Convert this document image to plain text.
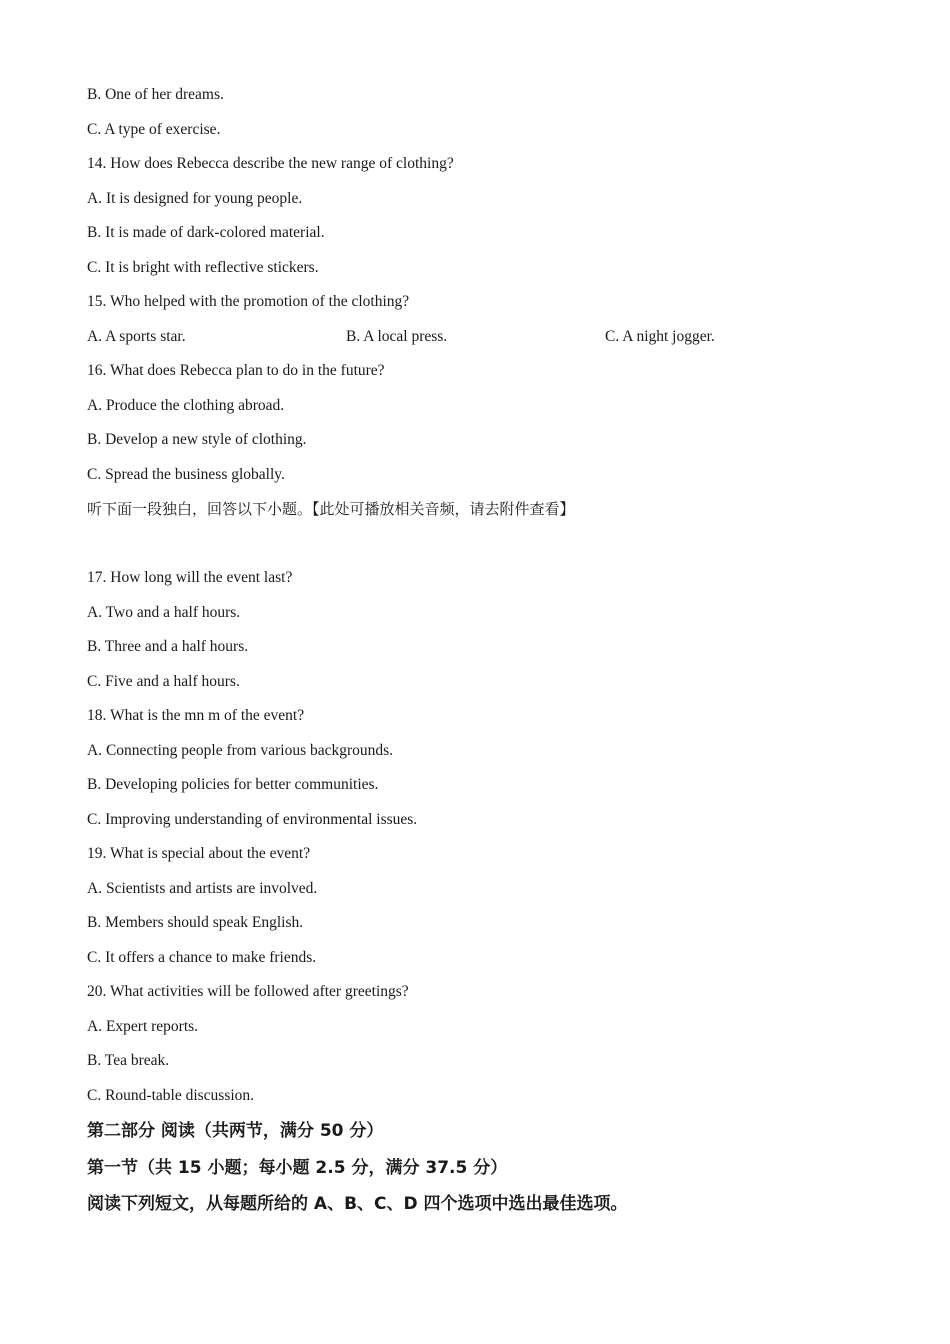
B. One of her dreams.
C. A type of exercise.
14. How does Rebecca describe the new range of clothing?
A. It is designed for young people.
B. It is made of dark-colored material.
C. It is bright with reflective stickers.
15. Who helped with the promotion of the clothing?
A. A sports star.	B. A local press.	C. A night jogger.
16. What does Rebecca plan to do in the future?
A. Produce the clothing abroad.
B. Develop a new style of clothing.
C. Spread the business globally.
听下面一段独白，回答以下小题。【此处可播放相关音频，请去附件查看】
17. How long will the event last?
A. Two and a half hours.
B. Three and a half hours.
C. Five and a half hours.
18. What is the mn m of the event?
A. Connecting people from various backgrounds.
B. Developing policies for better communities.
C. Improving understanding of environmental issues.
19. What is special about the event?
A. Scientists and artists are involved.
B. Members should speak English.
C. It offers a chance to make friends.
20. What activities will be followed after greetings?
A. Expert reports.
B. Tea break.
C. Round-table discussion.
第二部分 阅读（共两节，满分 50 分）
第一节（共 15 小题；每小题 2.5 分，满分 37.5 分）
阅读下列短文，从每题所给的 A、B、C、D 四个选项中选出最佳选项。
